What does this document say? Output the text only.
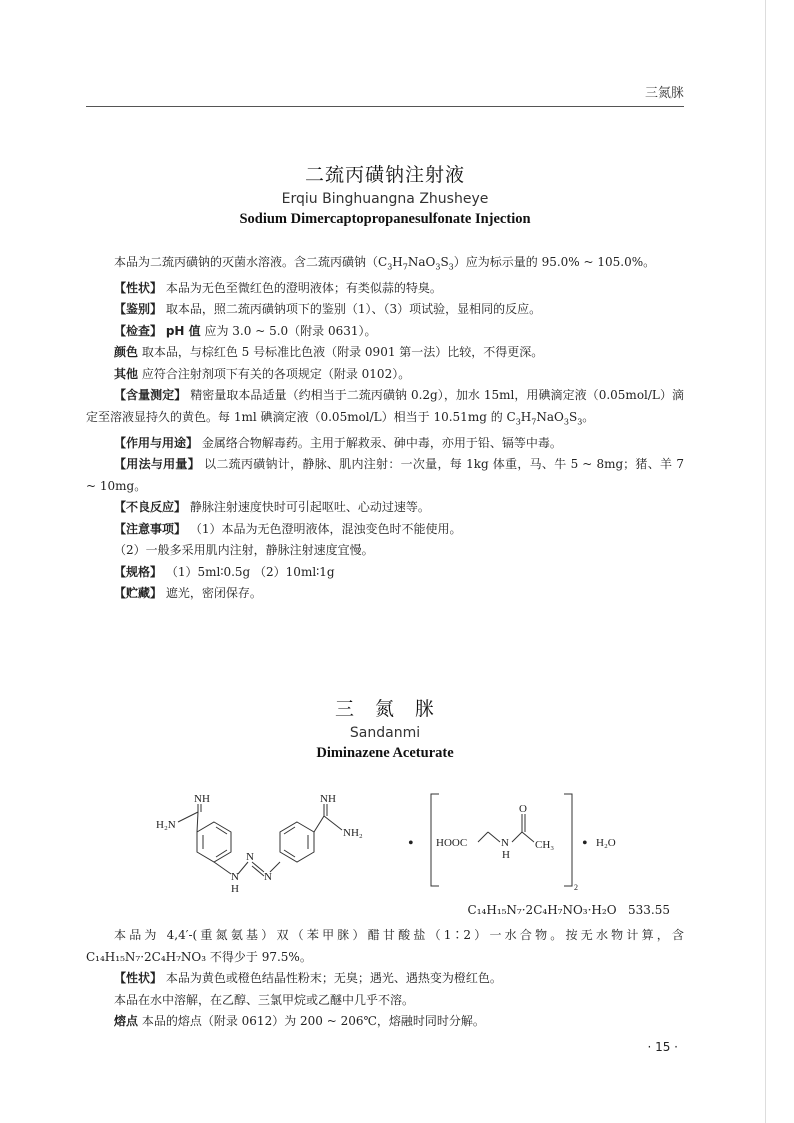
三氮脒
二巯丙磺钠注射液
Erqiu Binghuangna Zhusheye
Sodium Dimercaptopropanesulfonate Injection

本品为二巯丙磺钠的灭菌水溶液。含二巯丙磺钠$(C_3H_7NaO_3S_3)$应为标示量的 95.0% ~ 105.0%。

【性状】 本品为无色至微红色的澄明液体；有类似蒜的特臭。

【鉴别】 取本品，照二巯丙磺钠项下的鉴别（1）、（3）项试验，显相同的反应。

【检查】 pH 值 应为 3.0 ~ 5.0（附录 0631）。

颜色 取本品，与棕红色 5 号标准比色液（附录 0901 第一法）比较，不得更深。

其他 应符合注射剂项下有关的各项规定（附录 0102）。

【含量测定】 精密量取本品适量（约相当于二巯丙磺钠 0.2g），加水 15ml，用碘滴定液（0.05mol/L）滴定至溶液显持久的黄色。每 1ml 碘滴定液（0.05mol/L）相当于 10.51mg 的 $C_3H_7NaO_3S_3$。

【作用与用途】 金属络合物解毒药。主用于解救汞、砷中毒，亦用于铅、镉等中毒。

【用法与用量】 以二巯丙磺钠计，静脉、肌内注射：一次量，每 1kg 体重，马、牛 5 ~ 8mg；猪、羊 7 ~ 10mg。

【不良反应】 静脉注射速度快时可引起呕吐、心动过速等。

【注意事项】 （1）本品为无色澄明液体，混浊变色时不能使用。

（2）一般多采用肌内注射，静脉注射速度宜慢。

【规格】 （1）5ml∶0.5g （2）10ml∶1g

【贮藏】 遮光，密闭保存。

三　氮　脒
Sandanmi
Diminazene Aceturate
NH
H₂N
NH
NH₂
N
H
N
N
• HOOC	N
H
O
CH₃
2
• H₂O
C₁₄H₁₅N₇·2C₄H₇NO₃·H₂O 533.55

本品为 4,4′-(重氮氨基）双（苯甲脒）醋甘酸盐（1∶2）一水合物。按无水物计算，含 C₁₄H₁₅N₇·2C₄H₇NO₃ 不得少于 97.5%。

【性状】 本品为黄色或橙色结晶性粉末；无臭；遇光、遇热变为橙红色。

本品在水中溶解，在乙醇、三氯甲烷或乙醚中几乎不溶。

熔点 本品的熔点（附录 0612）为 200 ~ 206℃，熔融时同时分解。

· 15 ·
